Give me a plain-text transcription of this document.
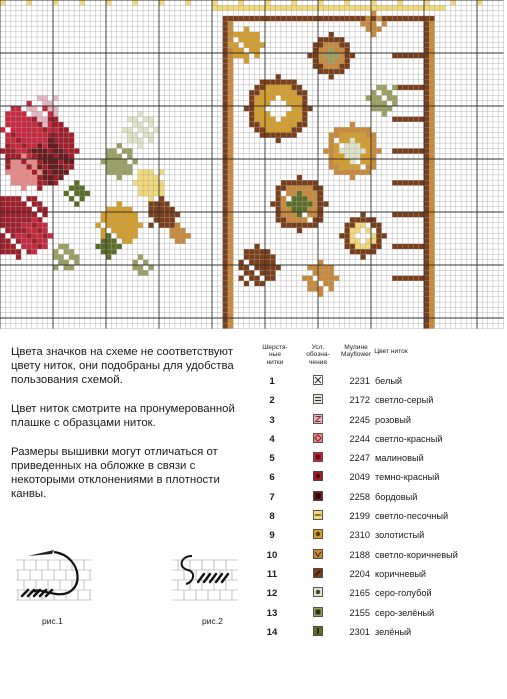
Цвета значков на схеме не соответствуют цвету ниток, они подобраны для удобства пользования схемой.

Цвет ниток смотрите на пронумерованной плашке с образцами ниток.

Размеры вышивки могут отличаться от приведенных на обложке в связи с некоторыми отклонениями в плотности канвы.

рис.1	рис.2
Шерстя-
ные
нитки
Усл.
обозна-
чения
Мулине
Mayflower Цвет ниток
1	2231 белый
2	2172 светло-серый
3	2245 розовый
4	2244 светло-красный
5	2247 малиновый
6	2049 темно-красный
7	2258 бордовый
8	2199 светло-песочный
9	2310 золотистый
10	2188 светло-коричневый
11	2204 коричневый
12	2165 серо-голубой
13	2155 серо-зелёный
14	2301 зелёный
